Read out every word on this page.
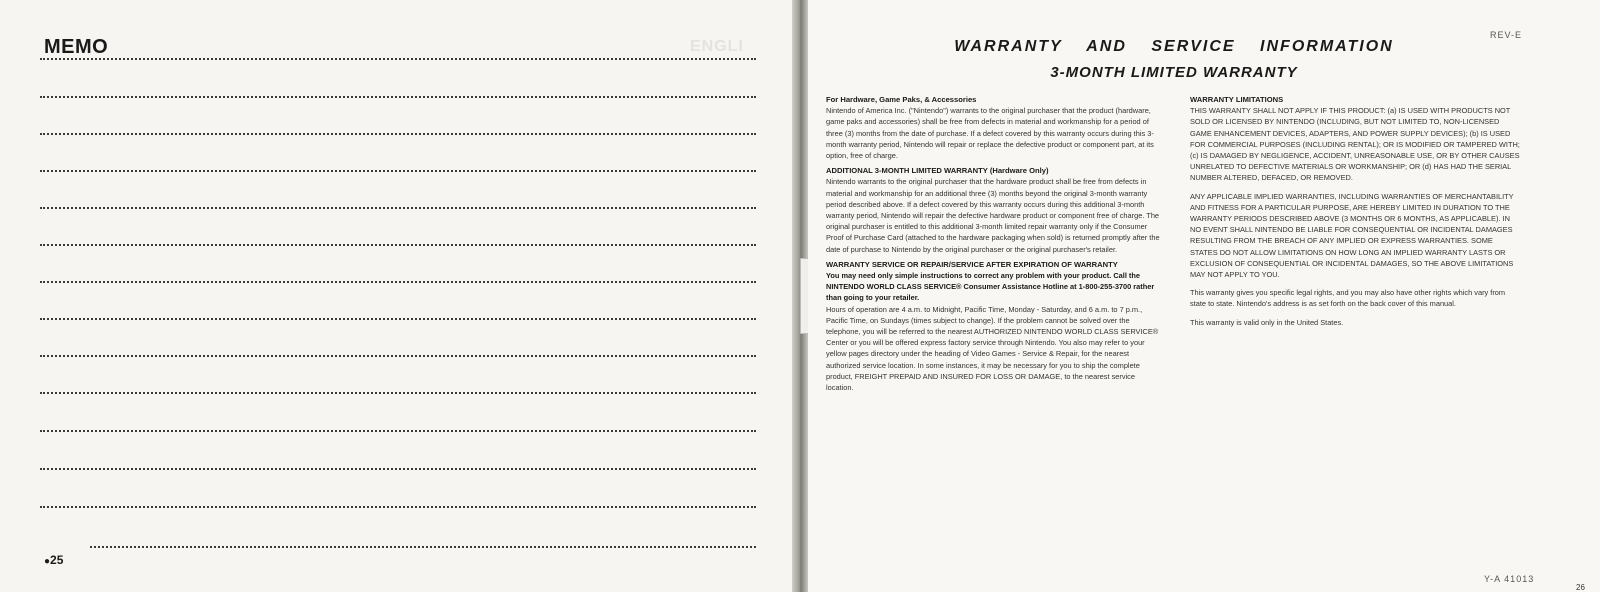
MEMO	ENGLI
●25
REV-E
WARRANTY AND SERVICE INFORMATION
3-MONTH LIMITED WARRANTY
For Hardware, Game Paks, & Accessories

Nintendo of America Inc. ("Nintendo") warrants to the original purchaser that the product (hardware, game paks and accessories) shall be free from defects in material and workmanship for a period of three (3) months from the date of purchase. If a defect covered by this warranty occurs during this 3-month warranty period, Nintendo will repair or replace the defective product or component part, at its option, free of charge.

ADDITIONAL 3-MONTH LIMITED WARRANTY (Hardware Only)

Nintendo warrants to the original purchaser that the hardware product shall be free from defects in material and workmanship for an additional three (3) months beyond the original 3-month warranty period described above. If a defect covered by this warranty occurs during this additional 3-month warranty period, Nintendo will repair the defective hardware product or component free of charge. The original purchaser is entitled to this additional 3-month limited repair warranty only if the Consumer Proof of Purchase Card (attached to the hardware packaging when sold) is returned promptly after the date of purchase to Nintendo by the original purchaser or the original purchaser's retailer.

WARRANTY SERVICE OR REPAIR/SERVICE AFTER EXPIRATION OF WARRANTY

You may need only simple instructions to correct any problem with your product. Call the NINTENDO WORLD CLASS SERVICE® Consumer Assistance Hotline at 1-800-255-3700 rather than going to your retailer.

Hours of operation are 4 a.m. to Midnight, Pacific Time, Monday - Saturday, and 6 a.m. to 7 p.m., Pacific Time, on Sundays (times subject to change). If the problem cannot be solved over the telephone, you will be referred to the nearest AUTHORIZED NINTENDO WORLD CLASS SERVICE® Center or you will be offered express factory service through Nintendo. You also may refer to your yellow pages directory under the heading of Video Games - Service & Repair, for the nearest authorized service location. In some instances, it may be necessary for you to ship the complete product, FREIGHT PREPAID AND INSURED FOR LOSS OR DAMAGE, to the nearest service location.

WARRANTY LIMITATIONS

THIS WARRANTY SHALL NOT APPLY IF THIS PRODUCT: (a) IS USED WITH PRODUCTS NOT SOLD OR LICENSED BY NINTENDO (INCLUDING, BUT NOT LIMITED TO, NON-LICENSED GAME ENHANCEMENT DEVICES, ADAPTERS, AND POWER SUPPLY DEVICES); (b) IS USED FOR COMMERCIAL PURPOSES (INCLUDING RENTAL); OR IS MODIFIED OR TAMPERED WITH; (c) IS DAMAGED BY NEGLIGENCE, ACCIDENT, UNREASONABLE USE, OR BY OTHER CAUSES UNRELATED TO DEFECTIVE MATERIALS OR WORKMANSHIP; OR (d) HAS HAD THE SERIAL NUMBER ALTERED, DEFACED, OR REMOVED.

ANY APPLICABLE IMPLIED WARRANTIES, INCLUDING WARRANTIES OF MERCHANTABILITY AND FITNESS FOR A PARTICULAR PURPOSE, ARE HEREBY LIMITED IN DURATION TO THE WARRANTY PERIODS DESCRIBED ABOVE (3 MONTHS OR 6 MONTHS, AS APPLICABLE). IN NO EVENT SHALL NINTENDO BE LIABLE FOR CONSEQUENTIAL OR INCIDENTAL DAMAGES RESULTING FROM THE BREACH OF ANY IMPLIED OR EXPRESS WARRANTIES. SOME STATES DO NOT ALLOW LIMITATIONS ON HOW LONG AN IMPLIED WARRANTY LASTS OR EXCLUSION OF CONSEQUENTIAL OR INCIDENTAL DAMAGES, SO THE ABOVE LIMITATIONS MAY NOT APPLY TO YOU.

This warranty gives you specific legal rights, and you may also have other rights which vary from state to state. Nintendo's address is as set forth on the back cover of this manual.

This warranty is valid only in the United States.

Y-A 41013
26
